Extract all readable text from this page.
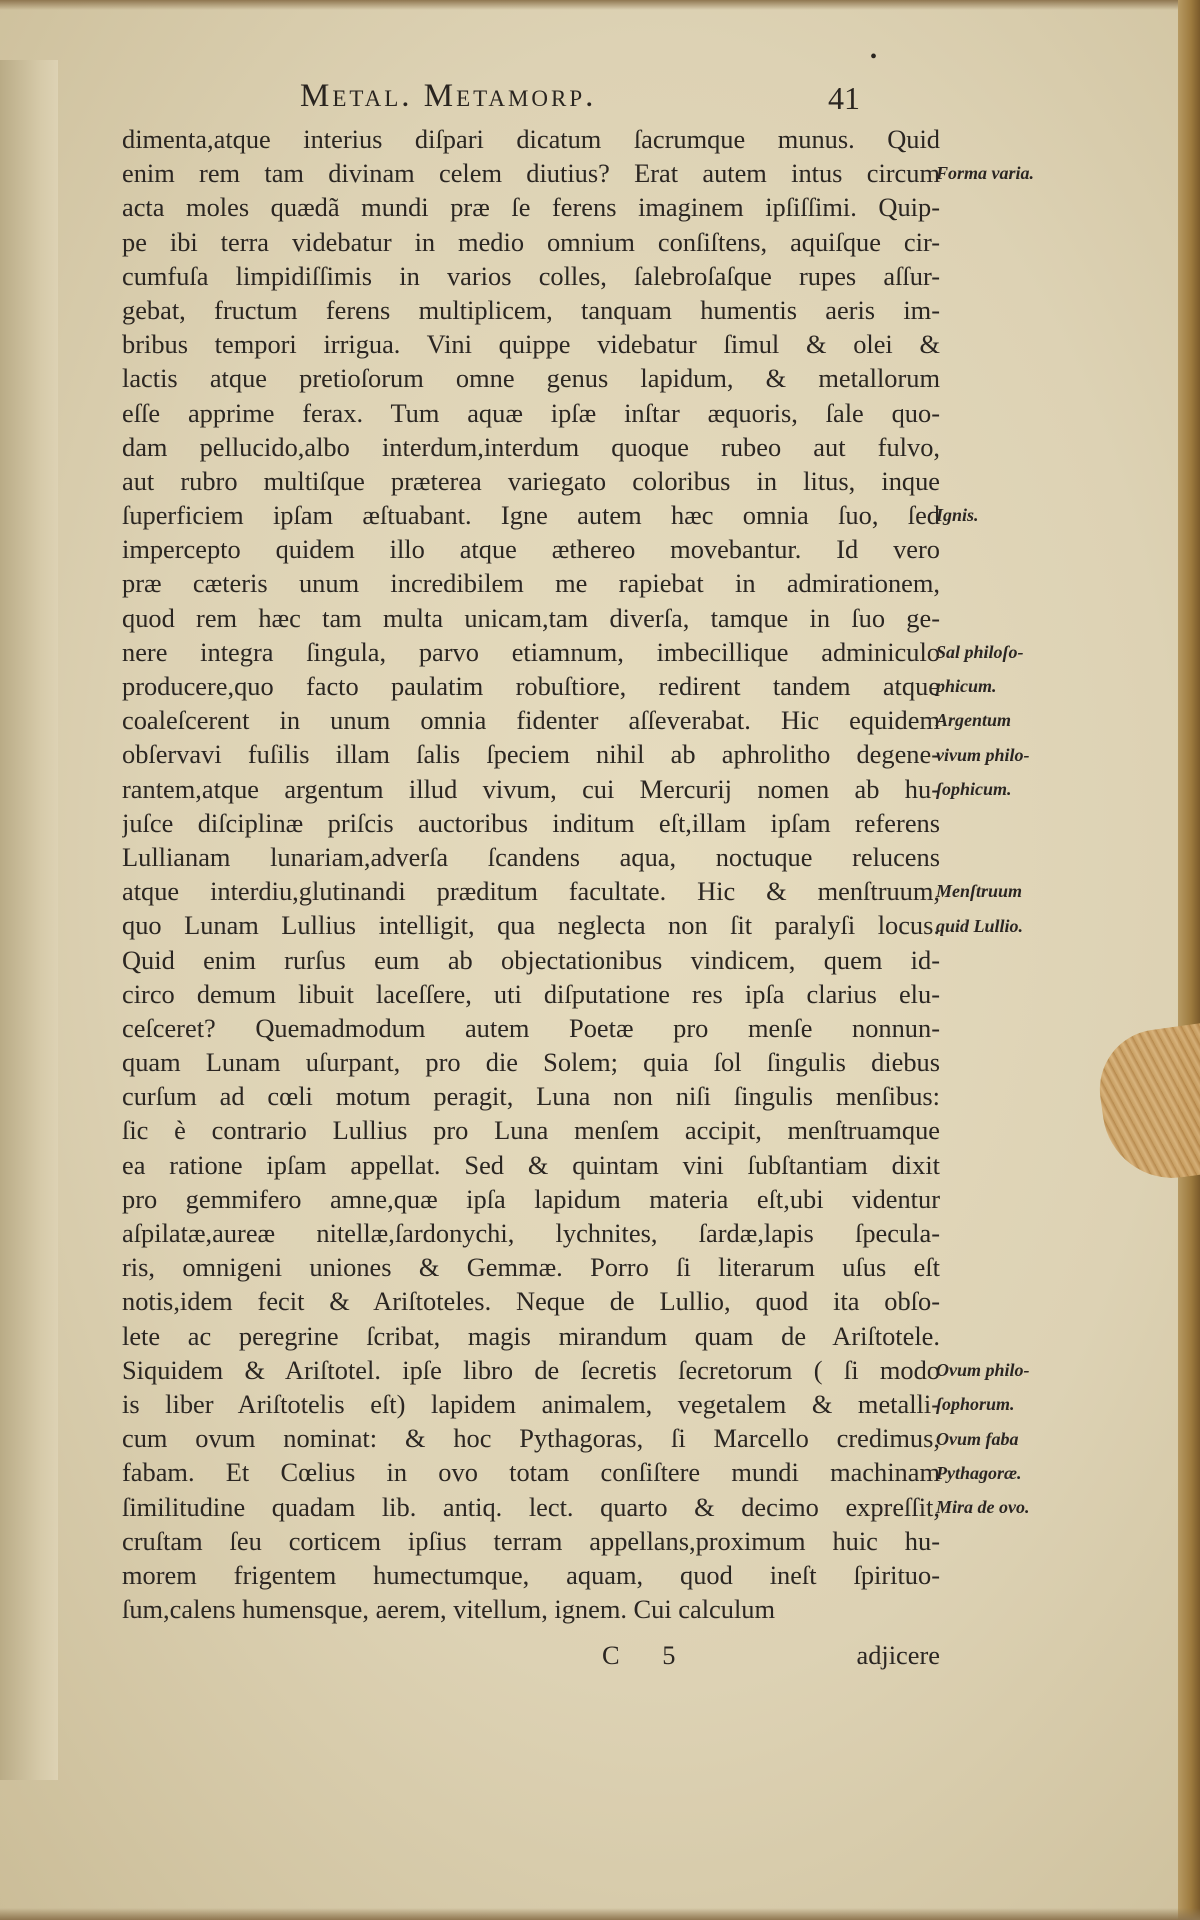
•
Metal. Metamorp.	41
dimenta,atque interius diſpari dicatum ſacrumque munus. Quid
enim rem tam divinam celem diutius? Erat autem intus circum
acta moles quædã mundi præ ſe ferens imaginem ipſiſſimi. Quip-
pe ibi terra videbatur in medio omnium conſiſtens, aquiſque cir-
cumfuſa limpidiſſimis in varios colles, ſalebroſaſque rupes aſſur-
gebat, fructum ferens multiplicem, tanquam humentis aeris im-
bribus tempori irrigua. Vini quippe videbatur ſimul & olei &
lactis atque pretioſorum omne genus lapidum, & metallorum
eſſe apprime ferax. Tum aquæ ipſæ inſtar æquoris, ſale quo-
dam pellucido,albo interdum,interdum quoque rubeo aut fulvo,
aut rubro multiſque præterea variegato coloribus in litus, inque
ſuperficiem ipſam æſtuabant. Igne autem hæc omnia ſuo, ſed
imperceptо quidem illo atque æthereo movebantur. Id vero
præ cæteris unum incredibilem me rapiebat in admirationem,
quod rem hæc tam multa unicam,tam diverſa, tamque in ſuo ge-
nere integra ſingula, parvo etiamnum, imbecillique adminiculo
producere,quo facto paulatim robuſtiore, redirent tandem atque
coaleſcerent in unum omnia fidenter aſſeverabat. Hic equidem
obſervavi fuſilis illam ſalis ſpeciem nihil ab aphrolitho degene-
rantem,atque argentum illud vivum, cui Mercurij nomen ab hu-
juſce diſciplinæ priſcis auctoribus inditum eſt,illam ipſam referens
Lullianam lunariam,adverſa ſcandens aqua, noctuque relucens
atque interdiu,glutinandi præditum facultate. Hic & menſtruum,
quo Lunam Lullius intelligit, qua neglecta non ſit paralyſi locus.
Quid enim rurſus eum ab objectationibus vindicem, quem id-
circo demum libuit laceſſere, uti diſputatione res ipſa clarius elu-
ceſceret? Quemadmodum autem Poetæ pro menſe nonnun-
quam Lunam uſurpant, pro die Solem; quia ſol ſingulis diebus
curſum ad cœli motum peragit, Luna non niſi ſingulis menſibus:
ſic è contrario Lullius pro Luna menſem accipit, menſtruamque
ea ratione ipſam appellat. Sed & quintam vini ſubſtantiam dixit
pro gemmifero amne,quæ ipſa lapidum materia eſt,ubi videntur
aſpilatæ,aureæ nitellæ,ſardonychi, lychnites, ſardæ,lapis ſpecula-
ris, omnigeni uniones & Gemmæ. Porro ſi literarum uſus eſt
notis,idem fecit & Ariſtoteles. Neque de Lullio, quod ita obſo-
lete ac peregrine ſcribat, magis mirandum quam de Ariſtotele.
Siquidem & Ariſtotel. ipſe libro de ſecretis ſecretorum ( ſi modo
is liber Ariſtotelis eſt) lapidem animalem, vegetalem & metalli-
cum ovum nominat: & hoc Pythagoras, ſi Marcello credimus,
fabam. Et Cœlius in ovo totam conſiſtere mundi machinam
ſimilitudine quadam lib. antiq. lect. quarto & decimo expreſſit,
cruſtam ſeu corticem ipſius terram appellans,proximum huic hu-
morem frigentem humectumque, aquam, quod ineſt ſpirituo-
ſum,calens humensque, aerem, vitellum, ignem. Cui calculum
Forma varia.
Ignis.
Sal philoſo-
phicum.
Argentum
vivum philo-
ſophicum.
Menſtruum
quid Lullio.
Ovum philo-
ſophorum.
Ovum faba
Pythagoræ.
Mira de ovo.
C 5	adjicere
